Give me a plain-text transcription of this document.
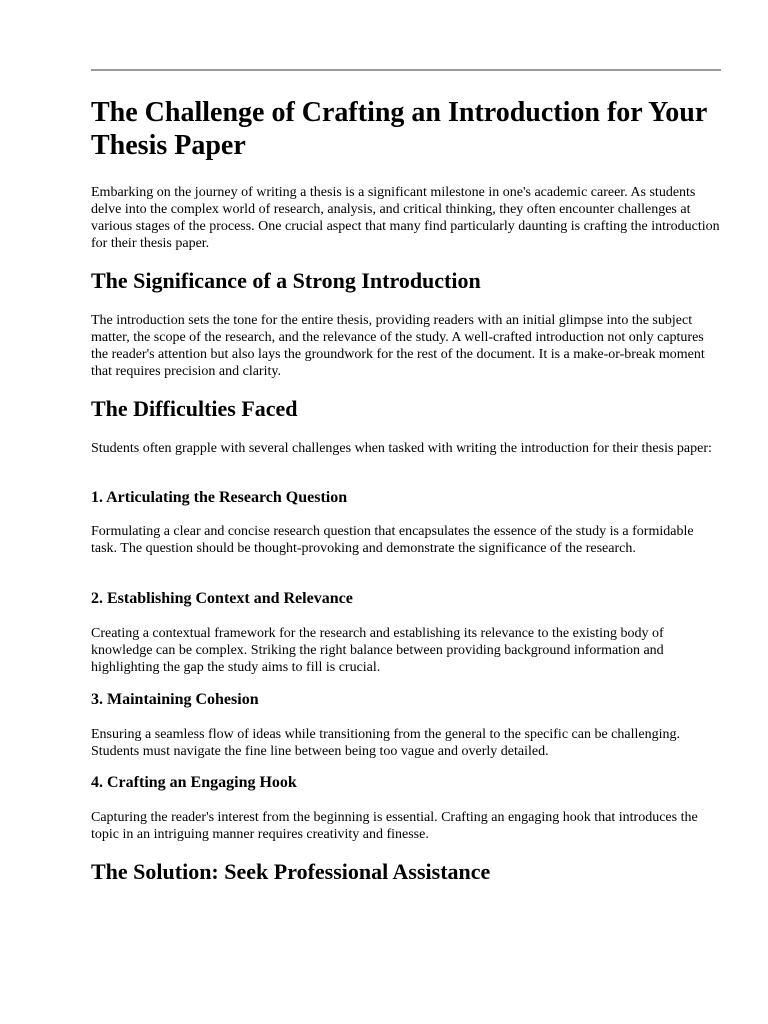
The Challenge of Crafting an Introduction for Your Thesis Paper

Embarking on the journey of writing a thesis is a significant milestone in one's academic career. As students delve into the complex world of research, analysis, and critical thinking, they often encounter challenges at various stages of the process. One crucial aspect that many find particularly daunting is crafting the introduction for their thesis paper.

The Significance of a Strong Introduction

The introduction sets the tone for the entire thesis, providing readers with an initial glimpse into the subject matter, the scope of the research, and the relevance of the study. A well-crafted introduction not only captures the reader's attention but also lays the groundwork for the rest of the document. It is a make-or-break moment that requires precision and clarity.

The Difficulties Faced

Students often grapple with several challenges when tasked with writing the introduction for their thesis paper:

1. Articulating the Research Question

Formulating a clear and concise research question that encapsulates the essence of the study is a formidable task. The question should be thought-provoking and demonstrate the significance of the research.

2. Establishing Context and Relevance

Creating a contextual framework for the research and establishing its relevance to the existing body of knowledge can be complex. Striking the right balance between providing background information and highlighting the gap the study aims to fill is crucial.

3. Maintaining Cohesion

Ensuring a seamless flow of ideas while transitioning from the general to the specific can be challenging. Students must navigate the fine line between being too vague and overly detailed.

4. Crafting an Engaging Hook

Capturing the reader's interest from the beginning is essential. Crafting an engaging hook that introduces the topic in an intriguing manner requires creativity and finesse.

The Solution: Seek Professional Assistance
